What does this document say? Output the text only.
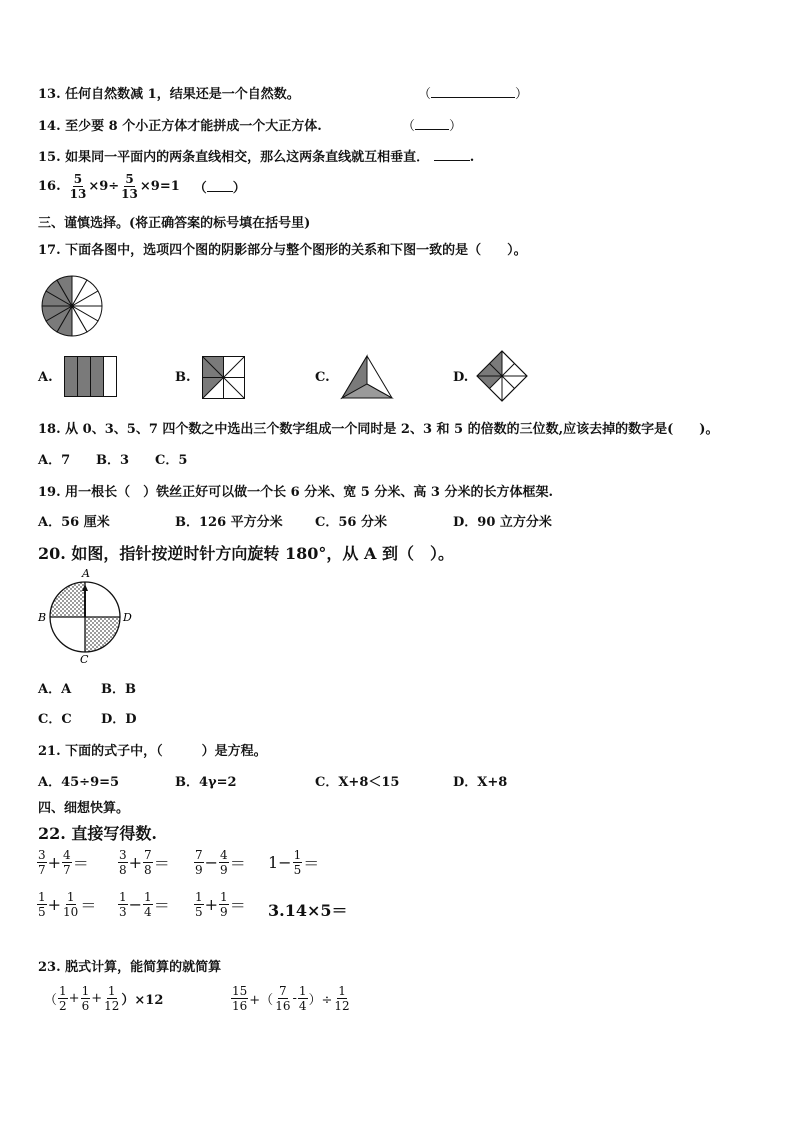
13. 任何自然数减 1，结果还是一个自然数。	（	）
14. 至少要 8 个小正方体才能拼成一个大正方体.	（	）
15. 如果同一平面内的两条直线相交，那么这两条直线就互相垂直．	.
16. $\frac{5}{13} \times 9\div \frac{5}{13} \times 9=1$ （ ）
三、谨慎选择。(将正确答案的标号填在括号里)
17. 下面各图中，选项四个图的阴影部分与整个图形的关系和下图一致的是（　　）。
A.	B.	C.	D.
18. 从 0、3、5、7 四个数之中选出三个数字组成一个同时是 2、3 和 5 的倍数的三位数,应该去掉的数字是(　　)。
A．7 B．3 C．5
19. 用一根长（　）铁丝正好可以做一个长 6 分米、宽 5 分米、高 3 分米的长方体框架.
A．56 厘米	B．126 平方分米 C．56 分米	D．90 立方分米
20. 如图，指针按逆时针方向旋转 180°，从 A 到（　）。
A
B
C
D
A．A B．B
C．C D．D
21. 下面的式子中，（　　　）是方程。
A．45÷9=5	B．4γ=2	C．X+8＜15	D．X+8
四、细想快算。
22. 直接写得数.
$\frac{3}{7} + \frac{4}{7} = \frac{3}{8} + \frac{7}{8} = \frac{7}{9} - \frac{4}{9} = 1- \frac{1}{5}$ ＝
$\frac{1}{5} + \frac{1}{10} = \frac{1}{3} - \frac{1}{4} = \frac{1}{5} + \frac{1}{9} = 3.14\times 5=$
23. 脱式计算，能简算的就简算
（ $\frac{1}{2} + \frac{1}{6} + \frac{1}{12} )\times 12$	$\frac{15}{16}$ +（ $\frac{7}{16} - \frac{1}{4}$ ）÷ $\frac{1}{12}$
